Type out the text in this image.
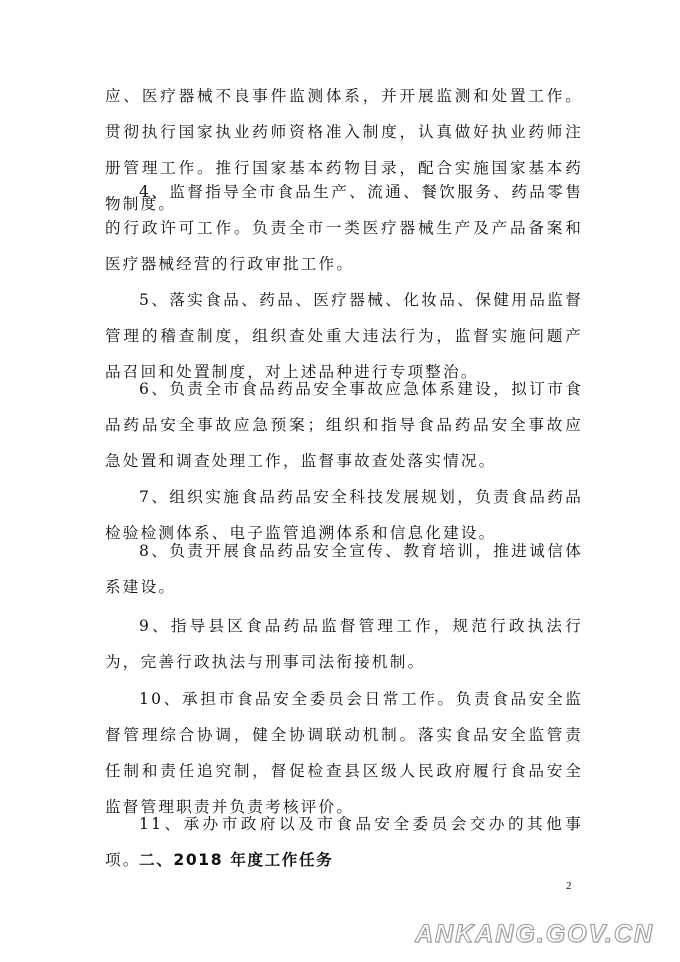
应、医疗器械不良事件监测体系，并开展监测和处置工作。贯彻执行国家执业药师资格准入制度，认真做好执业药师注册管理工作。推行国家基本药物目录，配合实施国家基本药物制度。

4、监督指导全市食品生产、流通、餐饮服务、药品零售的行政许可工作。负责全市一类医疗器械生产及产品备案和医疗器械经营的行政审批工作。

5、落实食品、药品、医疗器械、化妆品、保健用品监督管理的稽查制度，组织查处重大违法行为，监督实施问题产品召回和处置制度，对上述品种进行专项整治。

6、负责全市食品药品安全事故应急体系建设，拟订市食品药品安全事故应急预案；组织和指导食品药品安全事故应急处置和调查处理工作，监督事故查处落实情况。

7、组织实施食品药品安全科技发展规划，负责食品药品检验检测体系、电子监管追溯体系和信息化建设。

8、负责开展食品药品安全宣传、教育培训，推进诚信体系建设。

9、指导县区食品药品监督管理工作，规范行政执法行为，完善行政执法与刑事司法衔接机制。

10、承担市食品安全委员会日常工作。负责食品安全监督管理综合协调，健全协调联动机制。落实食品安全监管责任制和责任追究制，督促检查县区级人民政府履行食品安全监督管理职责并负责考核评价。

11、承办市政府以及市食品安全委员会交办的其他事项。

二、2018 年度工作任务

2
ANKANG.GOV.CN
